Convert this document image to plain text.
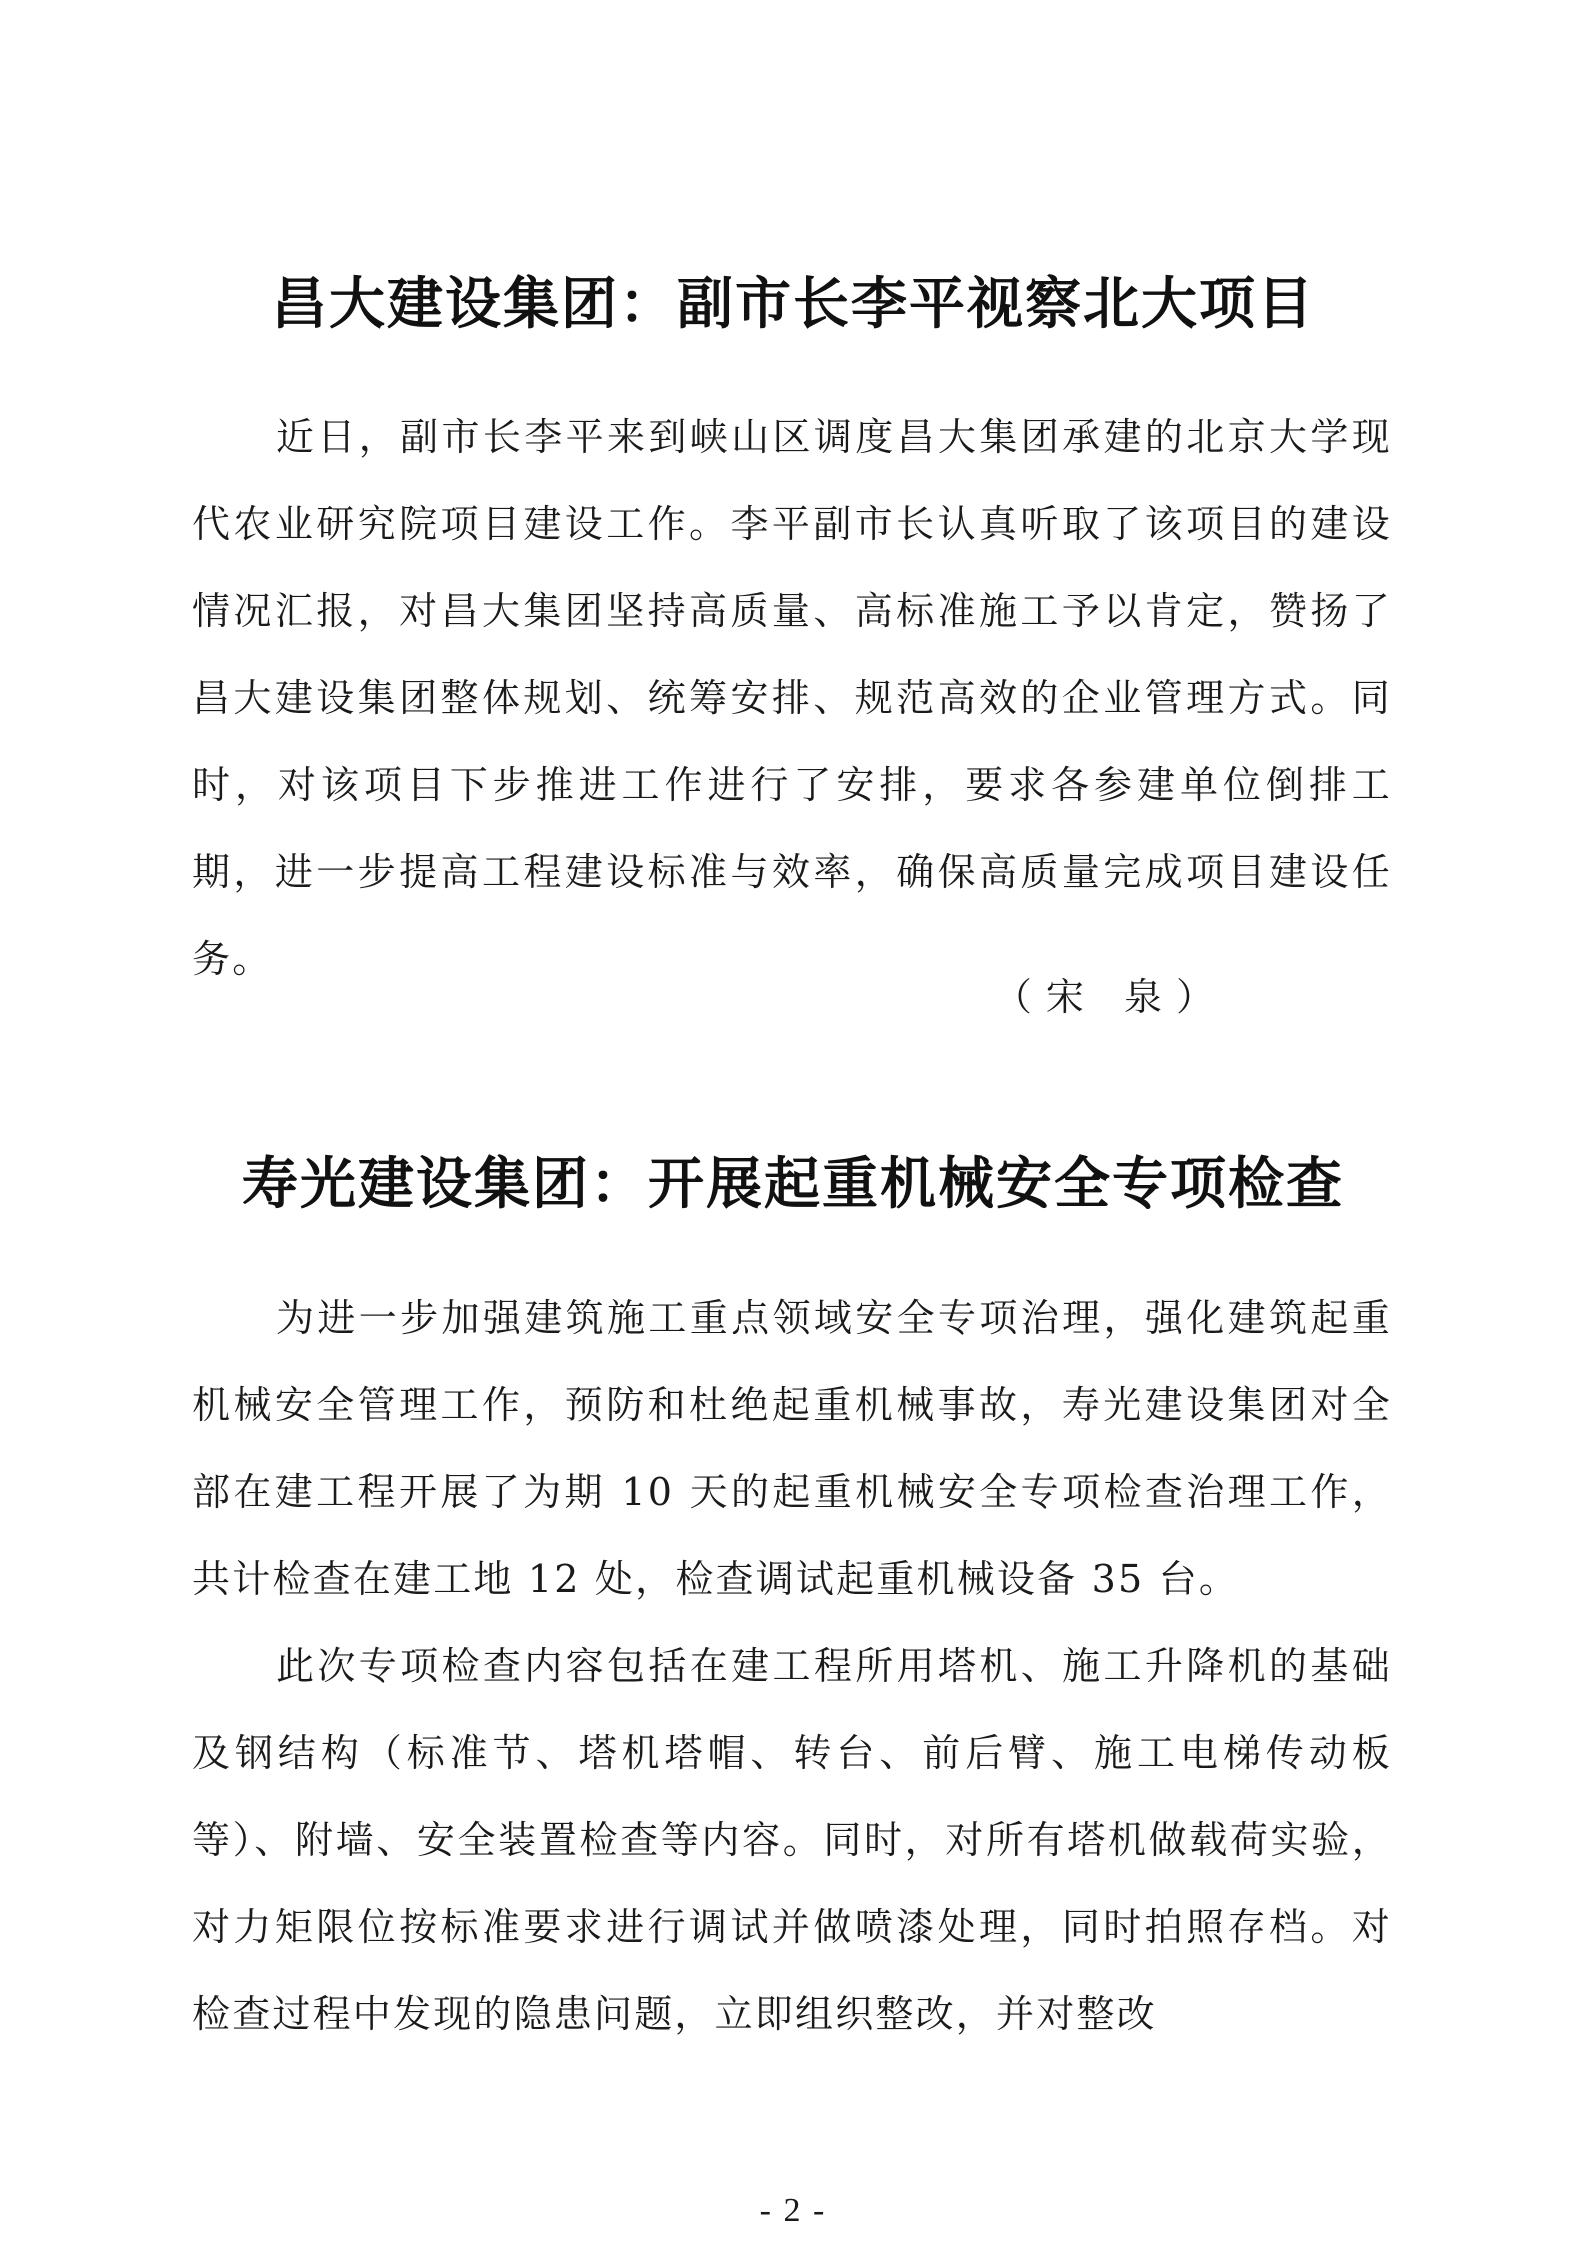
昌大建设集团：副市长李平视察北大项目

近日，副市长李平来到峡山区调度昌大集团承建的北京大学现代农业研究院项目建设工作。李平副市长认真听取了该项目的建设情况汇报，对昌大集团坚持高质量、高标准施工予以肯定，赞扬了昌大建设集团整体规划、统筹安排、规范高效的企业管理方式。同时，对该项目下步推进工作进行了安排，要求各参建单位倒排工期，进一步提高工程建设标准与效率，确保高质量完成项目建设任务。

（宋 泉）
寿光建设集团：开展起重机械安全专项检查

为进一步加强建筑施工重点领域安全专项治理，强化建筑起重机械安全管理工作，预防和杜绝起重机械事故，寿光建设集团对全部在建工程开展了为期 10 天的起重机械安全专项检查治理工作，共计检查在建工地 12 处，检查调试起重机械设备 35 台。

此次专项检查内容包括在建工程所用塔机、施工升降机的基础及钢结构（标准节、塔机塔帽、转台、前后臂、施工电梯传动板等）、附墙、安全装置检查等内容。同时，对所有塔机做载荷实验，对力矩限位按标准要求进行调试并做喷漆处理，同时拍照存档。对检查过程中发现的隐患问题，立即组织整改，并对整改

- 2 -
